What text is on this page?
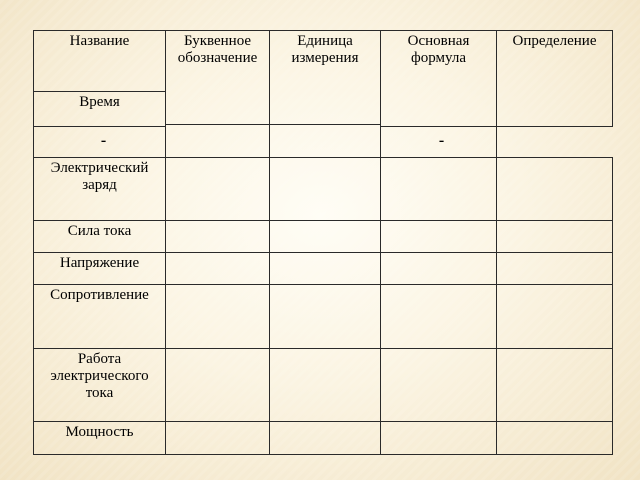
Название	Буквенное обозначение	Единица измерения	Основная формула	Определение
Время				

-			-	

Электрический заряд				
Сила тока				
Напряжение				
Сопротивление				
Работа электрического тока				
Мощность				
